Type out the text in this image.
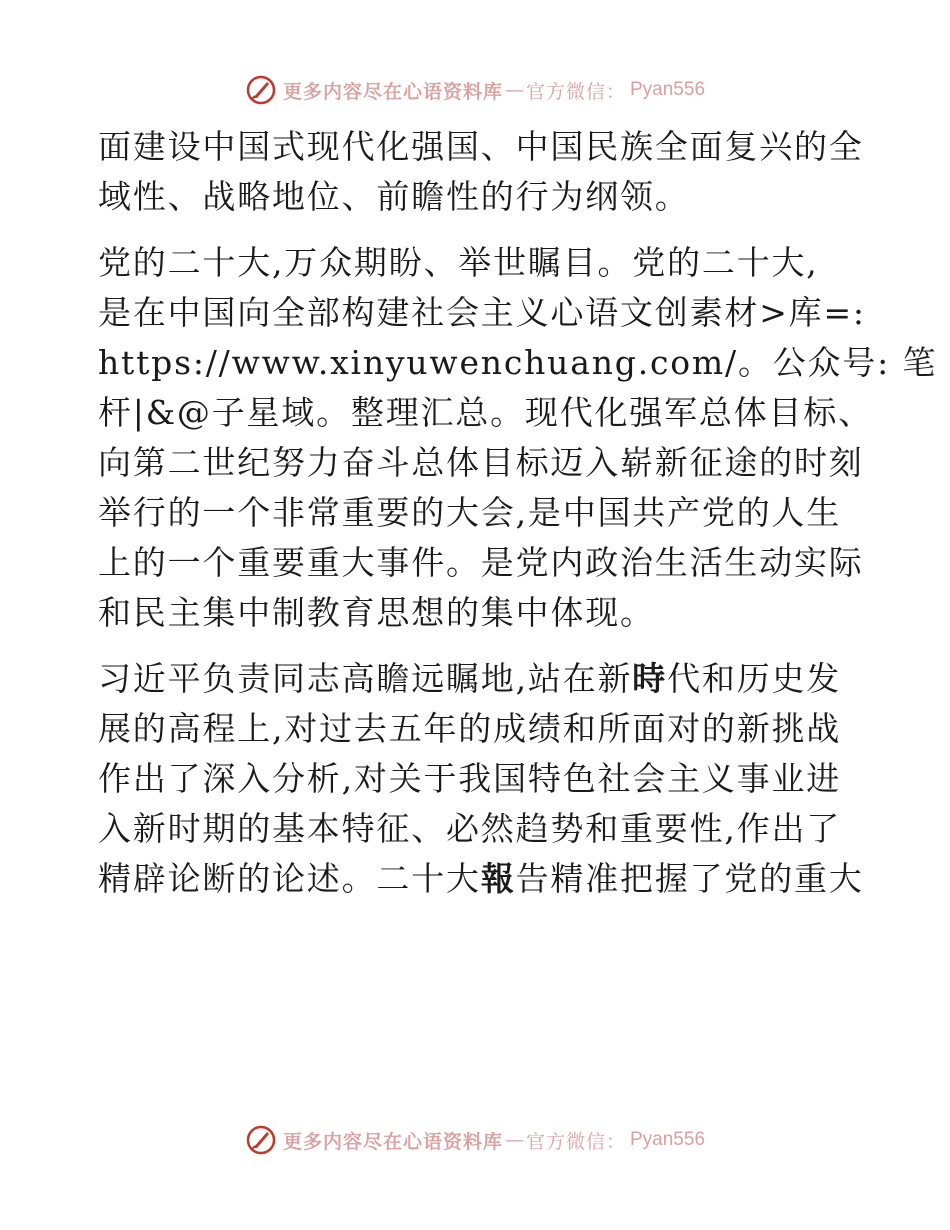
更多内容尽在心语资料库 — 官方微信： Pyan556

面建设中国式现代化强国、中国民族全面复兴的全
域性、战略地位、前瞻性的行为纲领。

党的二十大,万众期盼、举世瞩目。党的二十大,
是在中国向全部构建社会主义心语文创素材>库=:
https://www.xinyuwenchuang.com/。公众号: 笔
杆|&@子星域。整理汇总。现代化强军总体目标、
向第二世纪努力奋斗总体目标迈入崭新征途的时刻
举行的一个非常重要的大会,是中国共产党的人生
上的一个重要重大事件。是党内政治生活生动实际
和民主集中制教育思想的集中体现。

习近平负责同志高瞻远瞩地,站在新時代和历史发
展的高程上,对过去五年的成绩和所面对的新挑战
作出了深入分析,对关于我国特色社会主义事业进
入新时期的基本特征、必然趋势和重要性,作出了
精辟论断的论述。二十大報告精准把握了党的重大

更多内容尽在心语资料库 — 官方微信： Pyan556
